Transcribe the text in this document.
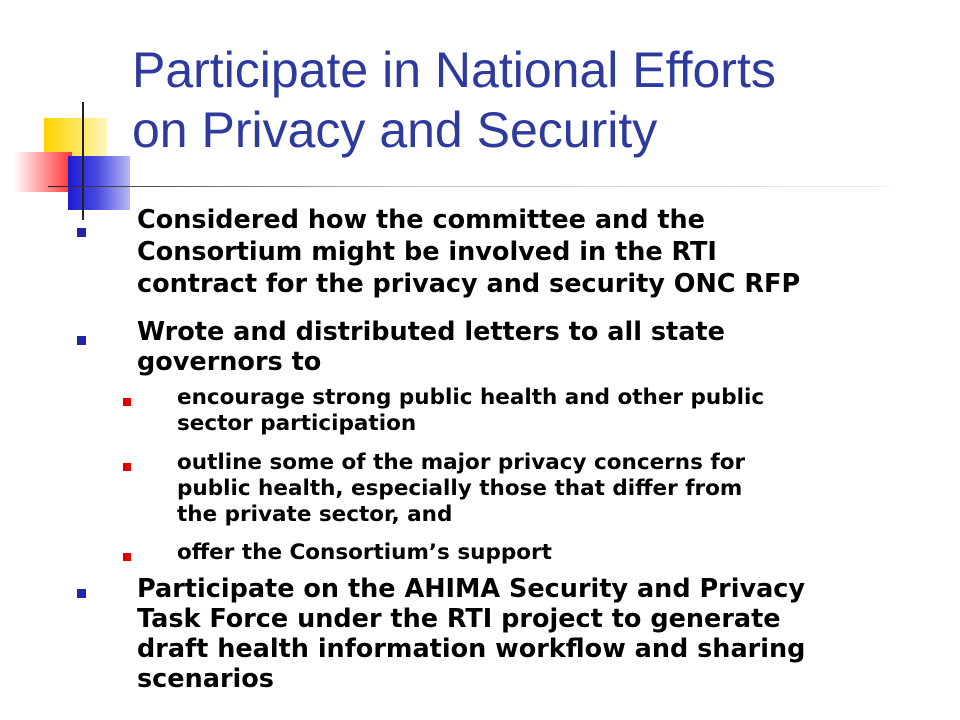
Participate in National Efforts
on Privacy and Security
Considered how the committee and the
Consortium might be involved in the RTI
contract for the privacy and security ONC RFP
Wrote and distributed letters to all state
governors to
encourage strong public health and other public
sector participation
outline some of the major privacy concerns for
public health, especially those that differ from
the private sector, and
offer the Consortium’s support
Participate on the AHIMA Security and Privacy
Task Force under the RTI project to generate
draft health information workflow and sharing
scenarios
